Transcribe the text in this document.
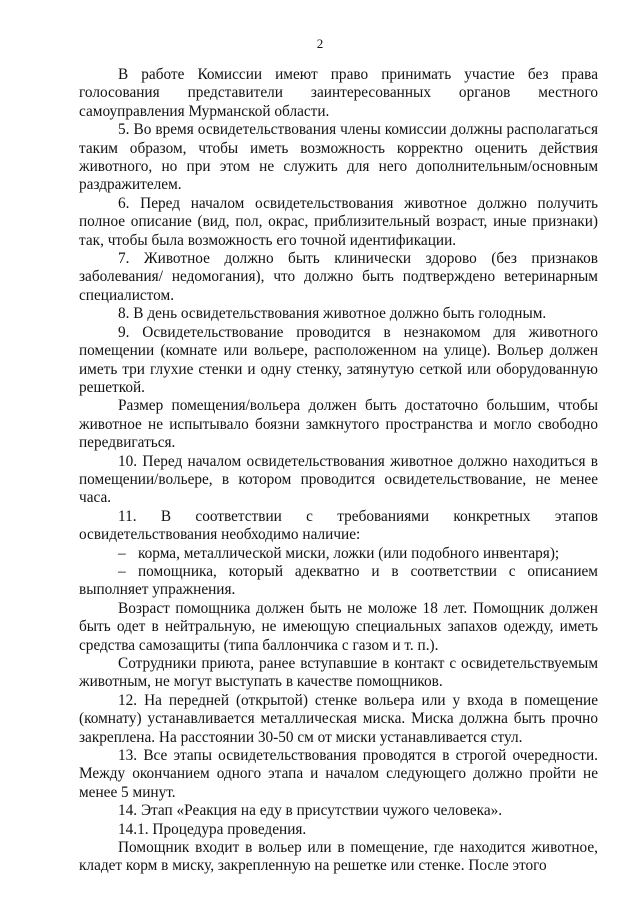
2

В работе Комиссии имеют право принимать участие без права голосования представители заинтересованных органов местного самоуправления Мурманской области.

5. Во время освидетельствования члены комиссии должны располагаться таким образом, чтобы иметь возможность корректно оценить действия животного, но при этом не служить для него дополнительным/основным раздражителем.

6. Перед началом освидетельствования животное должно получить полное описание (вид, пол, окрас, приблизительный возраст, иные признаки) так, чтобы была возможность его точной идентификации.

7. Животное должно быть клинически здорово (без признаков заболевания/ недомогания), что должно быть подтверждено ветеринарным специалистом.

8. В день освидетельствования животное должно быть голодным.

9. Освидетельствование проводится в незнакомом для животного помещении (комнате или вольере, расположенном на улице). Вольер должен иметь три глухие стенки и одну стенку, затянутую сеткой или оборудованную решеткой.

Размер помещения/вольера должен быть достаточно большим, чтобы животное не испытывало боязни замкнутого пространства и могло свободно передвигаться.

10. Перед началом освидетельствования животное должно находиться в помещении/вольере, в котором проводится освидетельствование, не менее часа.

11. В соответствии с требованиями конкретных этапов освидетельствования необходимо наличие:

– корма, металлической миски, ложки (или подобного инвентаря);
– помощника, который адекватно и в соответствии с описанием выполняет упражнения.

Возраст помощника должен быть не моложе 18 лет. Помощник должен быть одет в нейтральную, не имеющую специальных запахов одежду, иметь средства самозащиты (типа баллончика с газом и т. п.).

Сотрудники приюта, ранее вступавшие в контакт с освидетельствуемым животным, не могут выступать в качестве помощников.

12. На передней (открытой) стенке вольера или у входа в помещение (комнату) устанавливается металлическая миска. Миска должна быть прочно закреплена. На расстоянии 30-50 см от миски устанавливается стул.

13. Все этапы освидетельствования проводятся в строгой очередности. Между окончанием одного этапа и началом следующего должно пройти не менее 5 минут.

14. Этап «Реакция на еду в присутствии чужого человека».

14.1. Процедура проведения.

Помощник входит в вольер или в помещение, где находится животное, кладет корм в миску, закрепленную на решетке или стенке. После этого
